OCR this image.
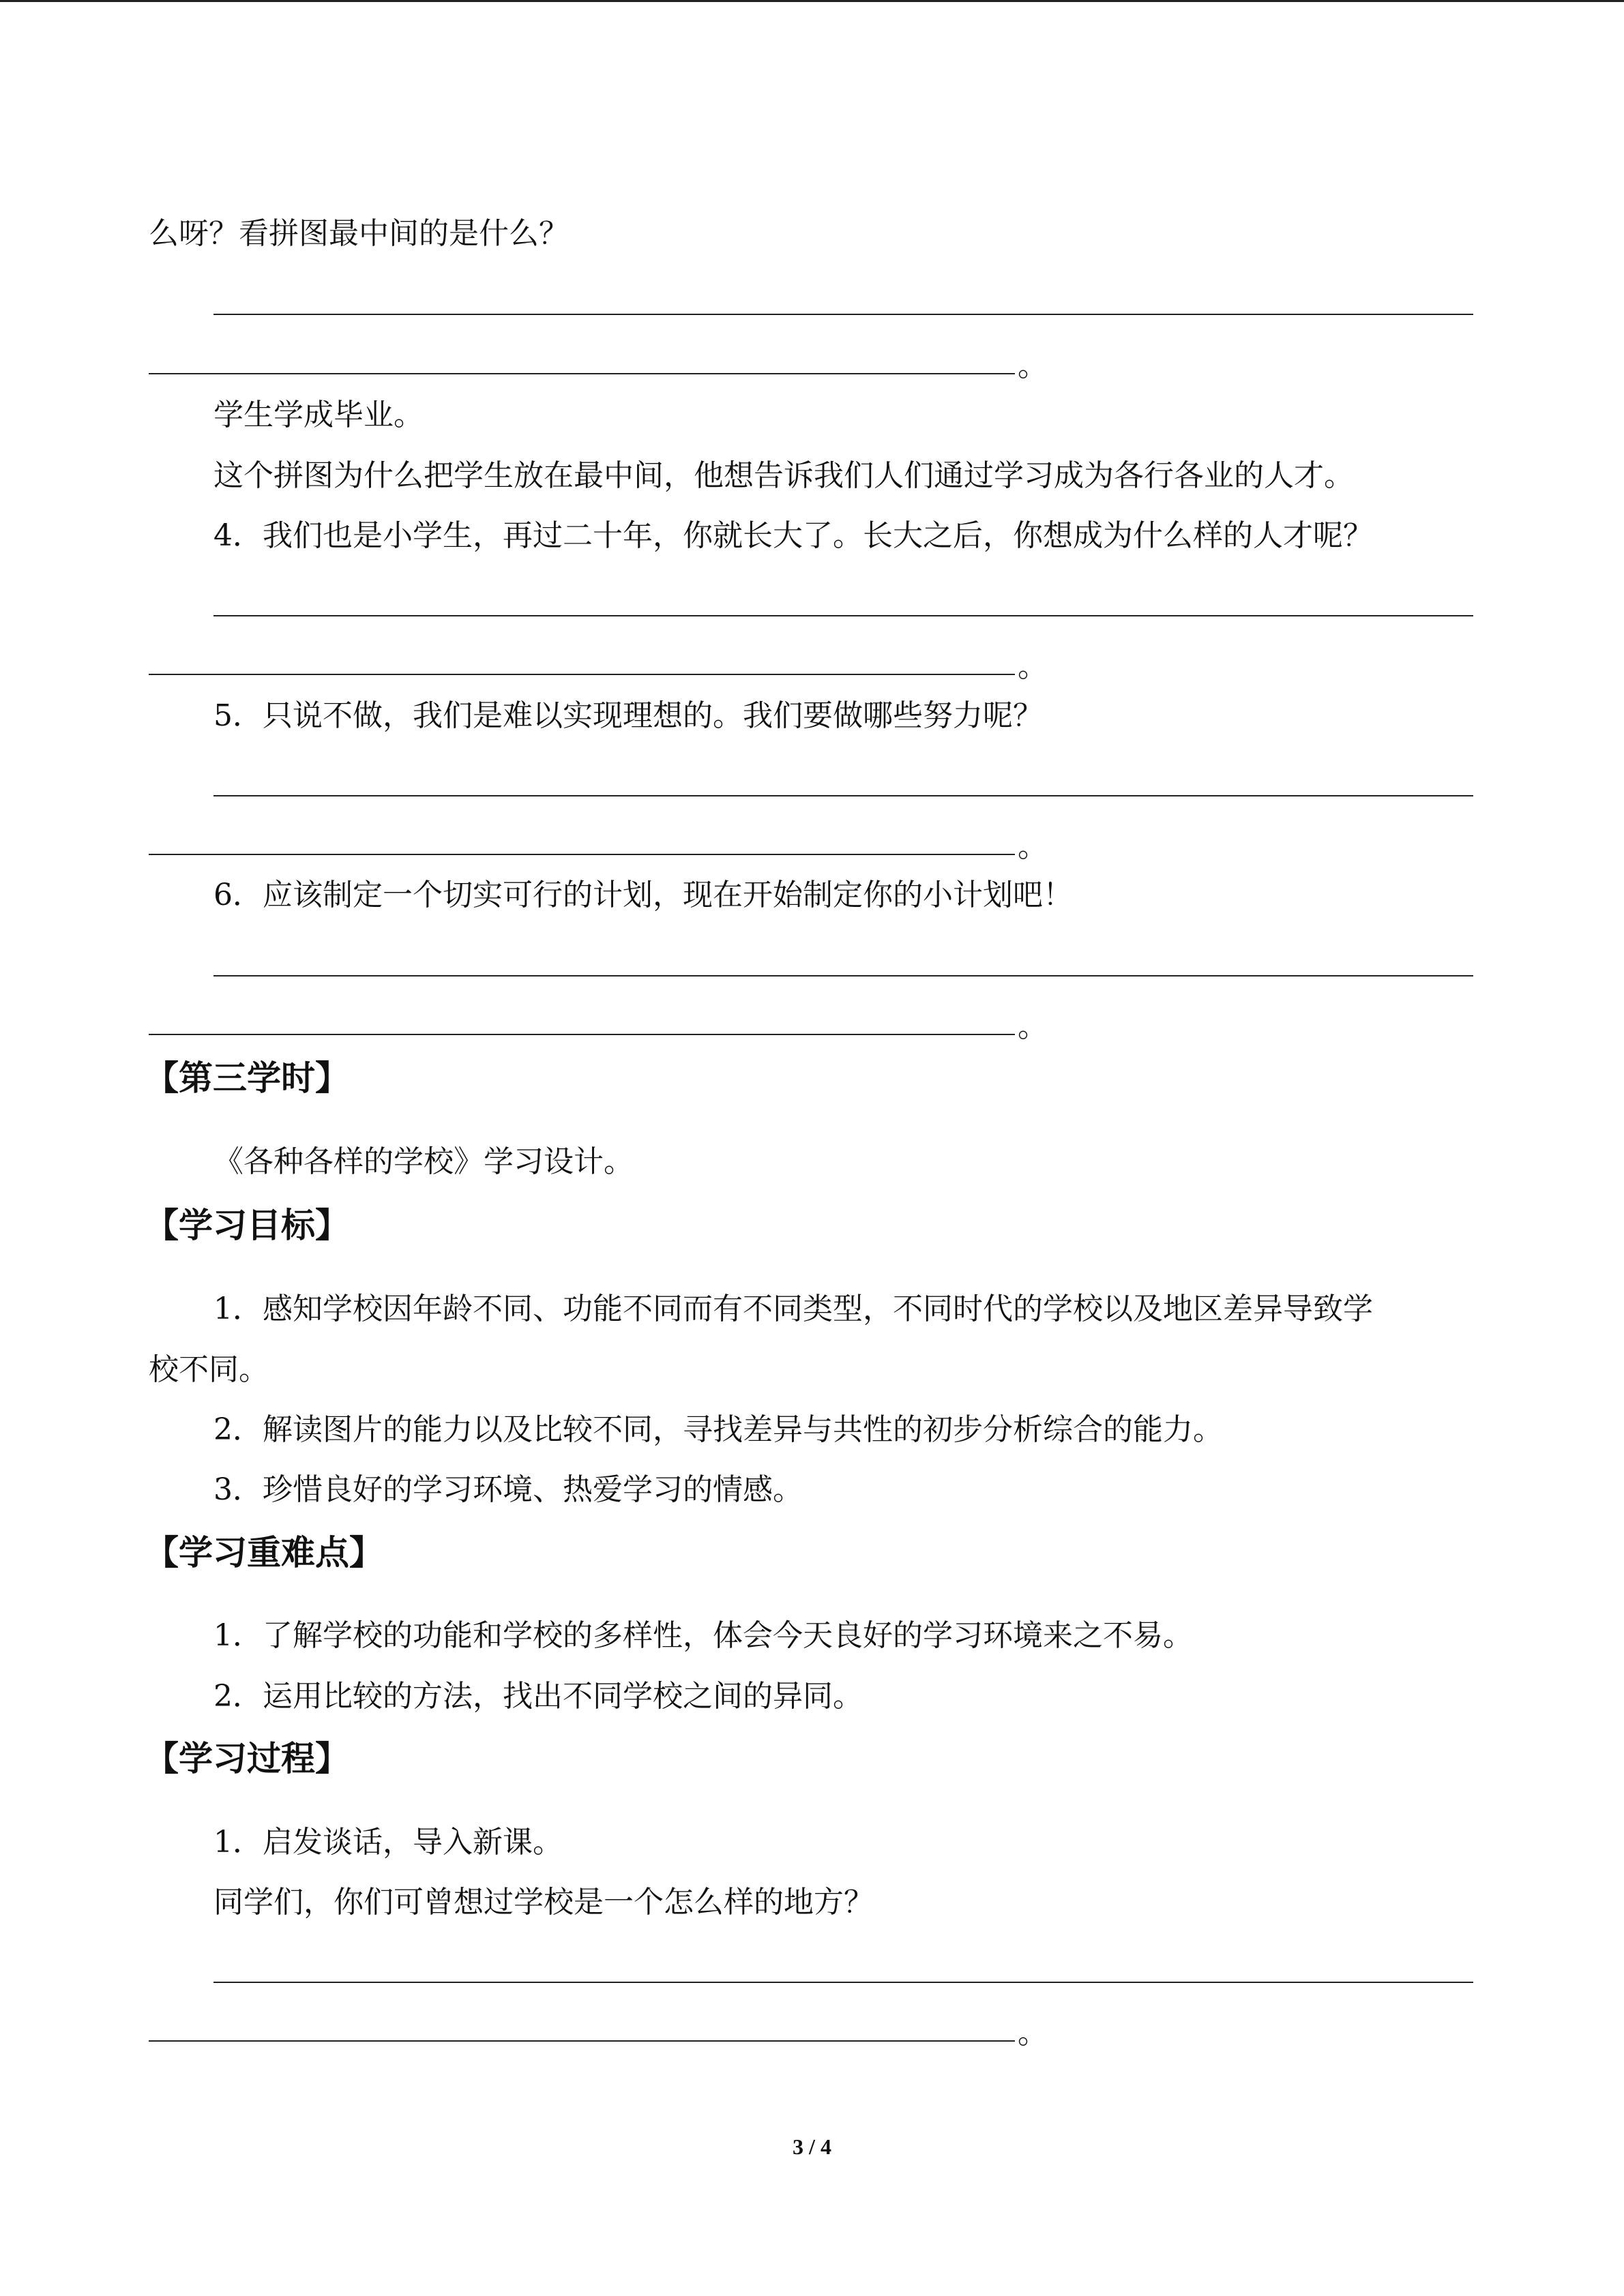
么呀？看拼图最中间的是什么？
。
学生学成毕业。
这个拼图为什么把学生放在最中间，他想告诉我们人们通过学习成为各行各业的人才。
4．我们也是小学生，再过二十年，你就长大了。长大之后，你想成为什么样的人才呢？
。
5．只说不做，我们是难以实现理想的。我们要做哪些努力呢？
。
6．应该制定一个切实可行的计划，现在开始制定你的小计划吧！
。
【第三学时】
《各种各样的学校》学习设计。
【学习目标】
1．感知学校因年龄不同、功能不同而有不同类型，不同时代的学校以及地区差异导致学
校不同。
2．解读图片的能力以及比较不同，寻找差异与共性的初步分析综合的能力。
3．珍惜良好的学习环境、热爱学习的情感。
【学习重难点】
1．了解学校的功能和学校的多样性，体会今天良好的学习环境来之不易。
2．运用比较的方法，找出不同学校之间的异同。
【学习过程】
1．启发谈话，导入新课。
同学们，你们可曾想过学校是一个怎么样的地方？
。
3 / 4
